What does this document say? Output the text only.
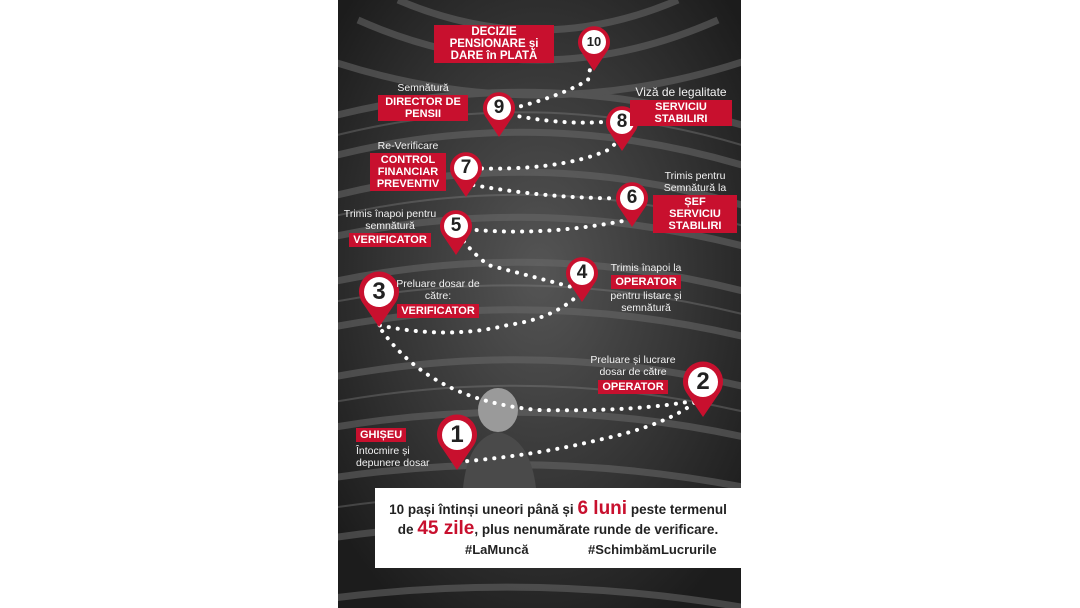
1
2
3
4
5
6
7
8
9
10
GHIȘEU
Întocmire și depunere dosar
Preluare și lucrare dosar de către
OPERATOR
Preluare dosar de către:
VERIFICATOR
Trimis înapoi la
OPERATOR
pentru listare și semnătură
Trimis înapoi pentru semnătură
VERIFICATOR
Trimis pentru Semnătură la
ȘEF SERVICIU STABILIRI
Re-Verificare
CONTROL FINANCIAR PREVENTIV
Viză de legalitate
SERVICIU STABILIRI
Semnătură
DIRECTOR DE PENSII
DECIZIE PENSIONARE și DARE în PLATĂ
10 pași întinși uneori până și 6 luni peste termenul
de 45 zile, plus nenumărate runde de verificare.
#LaMuncă	#SchimbămLucrurile
